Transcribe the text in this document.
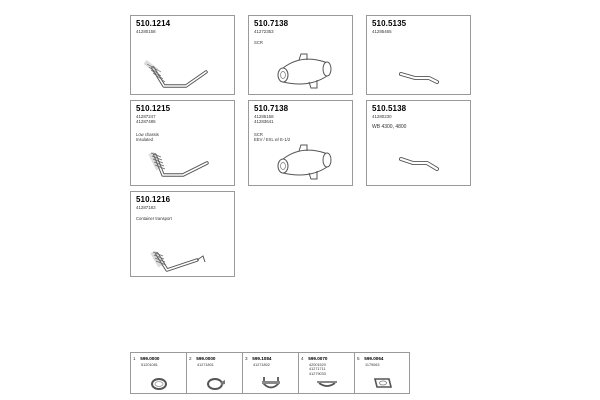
510.1214
41280158
510.7138
41272353
SCR
510.5135
41285465
510.1215
41287247
41287485
Low chassis
Insulated
510.7138
41285158
41283641
SCR
EEV / EXL w/ E-1/2
510.5138
41280230
WB 4300, 4800
510.1216
41287183
Container transport
1 599.0000
51201081
2 599.0000
41271801
3 599.1084
41271802
4 599.0070
42001520
41271711
41279033
5 599.0064
1179063
